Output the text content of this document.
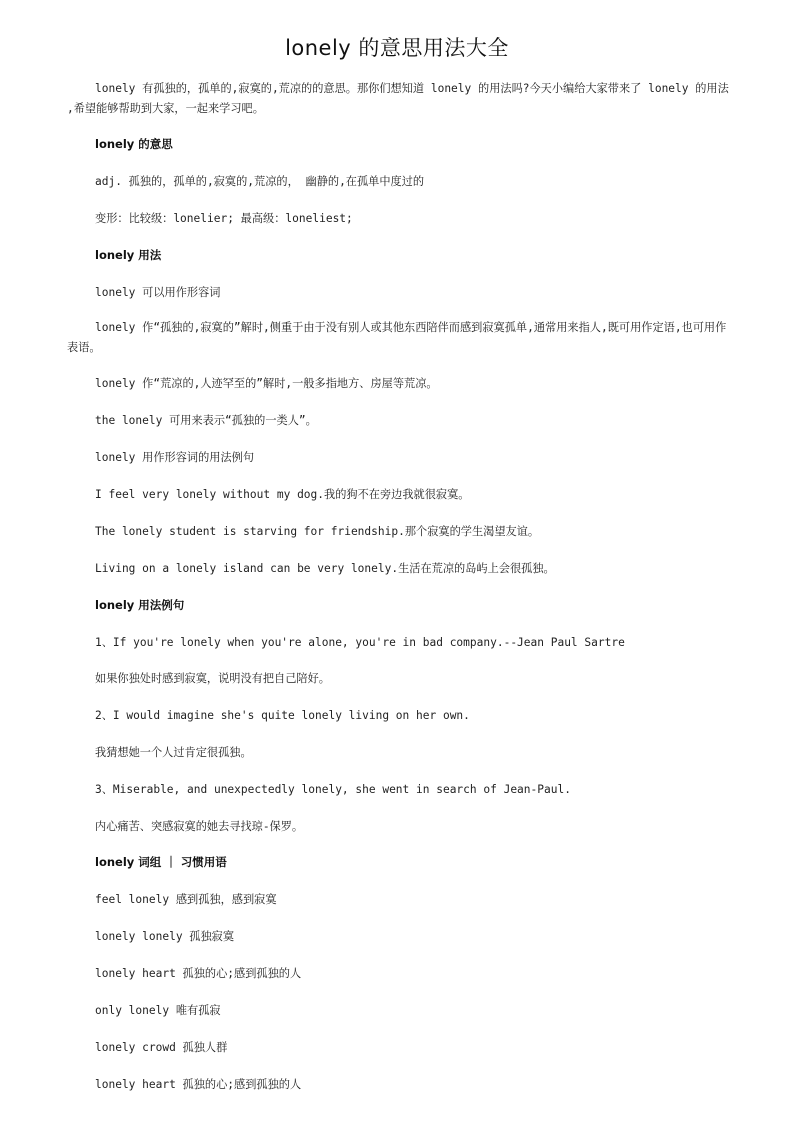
lonely 的意思用法大全
lonely 有孤独的，孤单的,寂寞的,荒凉的的意思。那你们想知道 lonely 的用法吗?今天小编给大家带来了 lonely 的用法 ,希望能够帮助到大家，一起来学习吧。
lonely 的意思
adj. 孤独的，孤单的,寂寞的,荒凉的， 幽静的,在孤单中度过的
变形：比较级：lonelier; 最高级：loneliest;
lonely 用法
lonely 可以用作形容词
lonely 作“孤独的,寂寞的”解时,侧重于由于没有别人或其他东西陪伴而感到寂寞孤单,通常用来指人,既可用作定语,也可用作表语。
lonely 作“荒凉的,人迹罕至的”解时,一般多指地方、房屋等荒凉。
the lonely 可用来表示“孤独的一类人”。
lonely 用作形容词的用法例句
I feel very lonely without my dog.我的狗不在旁边我就很寂寞。
The lonely student is starving for friendship.那个寂寞的学生渴望友谊。
Living on a lonely island can be very lonely.生活在荒凉的岛屿上会很孤独。
lonely 用法例句
1、If you're lonely when you're alone, you're in bad company.--Jean Paul Sartre
如果你独处时感到寂寞，说明没有把自己陪好。
2、I would imagine she's quite lonely living on her own.
我猜想她一个人过肯定很孤独。
3、Miserable, and unexpectedly lonely, she went in search of Jean-Paul.
内心痛苦、突感寂寞的她去寻找琼-保罗。
lonely 词组 ｜ 习惯用语
feel lonely 感到孤独，感到寂寞
lonely lonely 孤独寂寞
lonely heart 孤独的心;感到孤独的人
only lonely 唯有孤寂
lonely crowd 孤独人群
lonely heart 孤独的心;感到孤独的人
